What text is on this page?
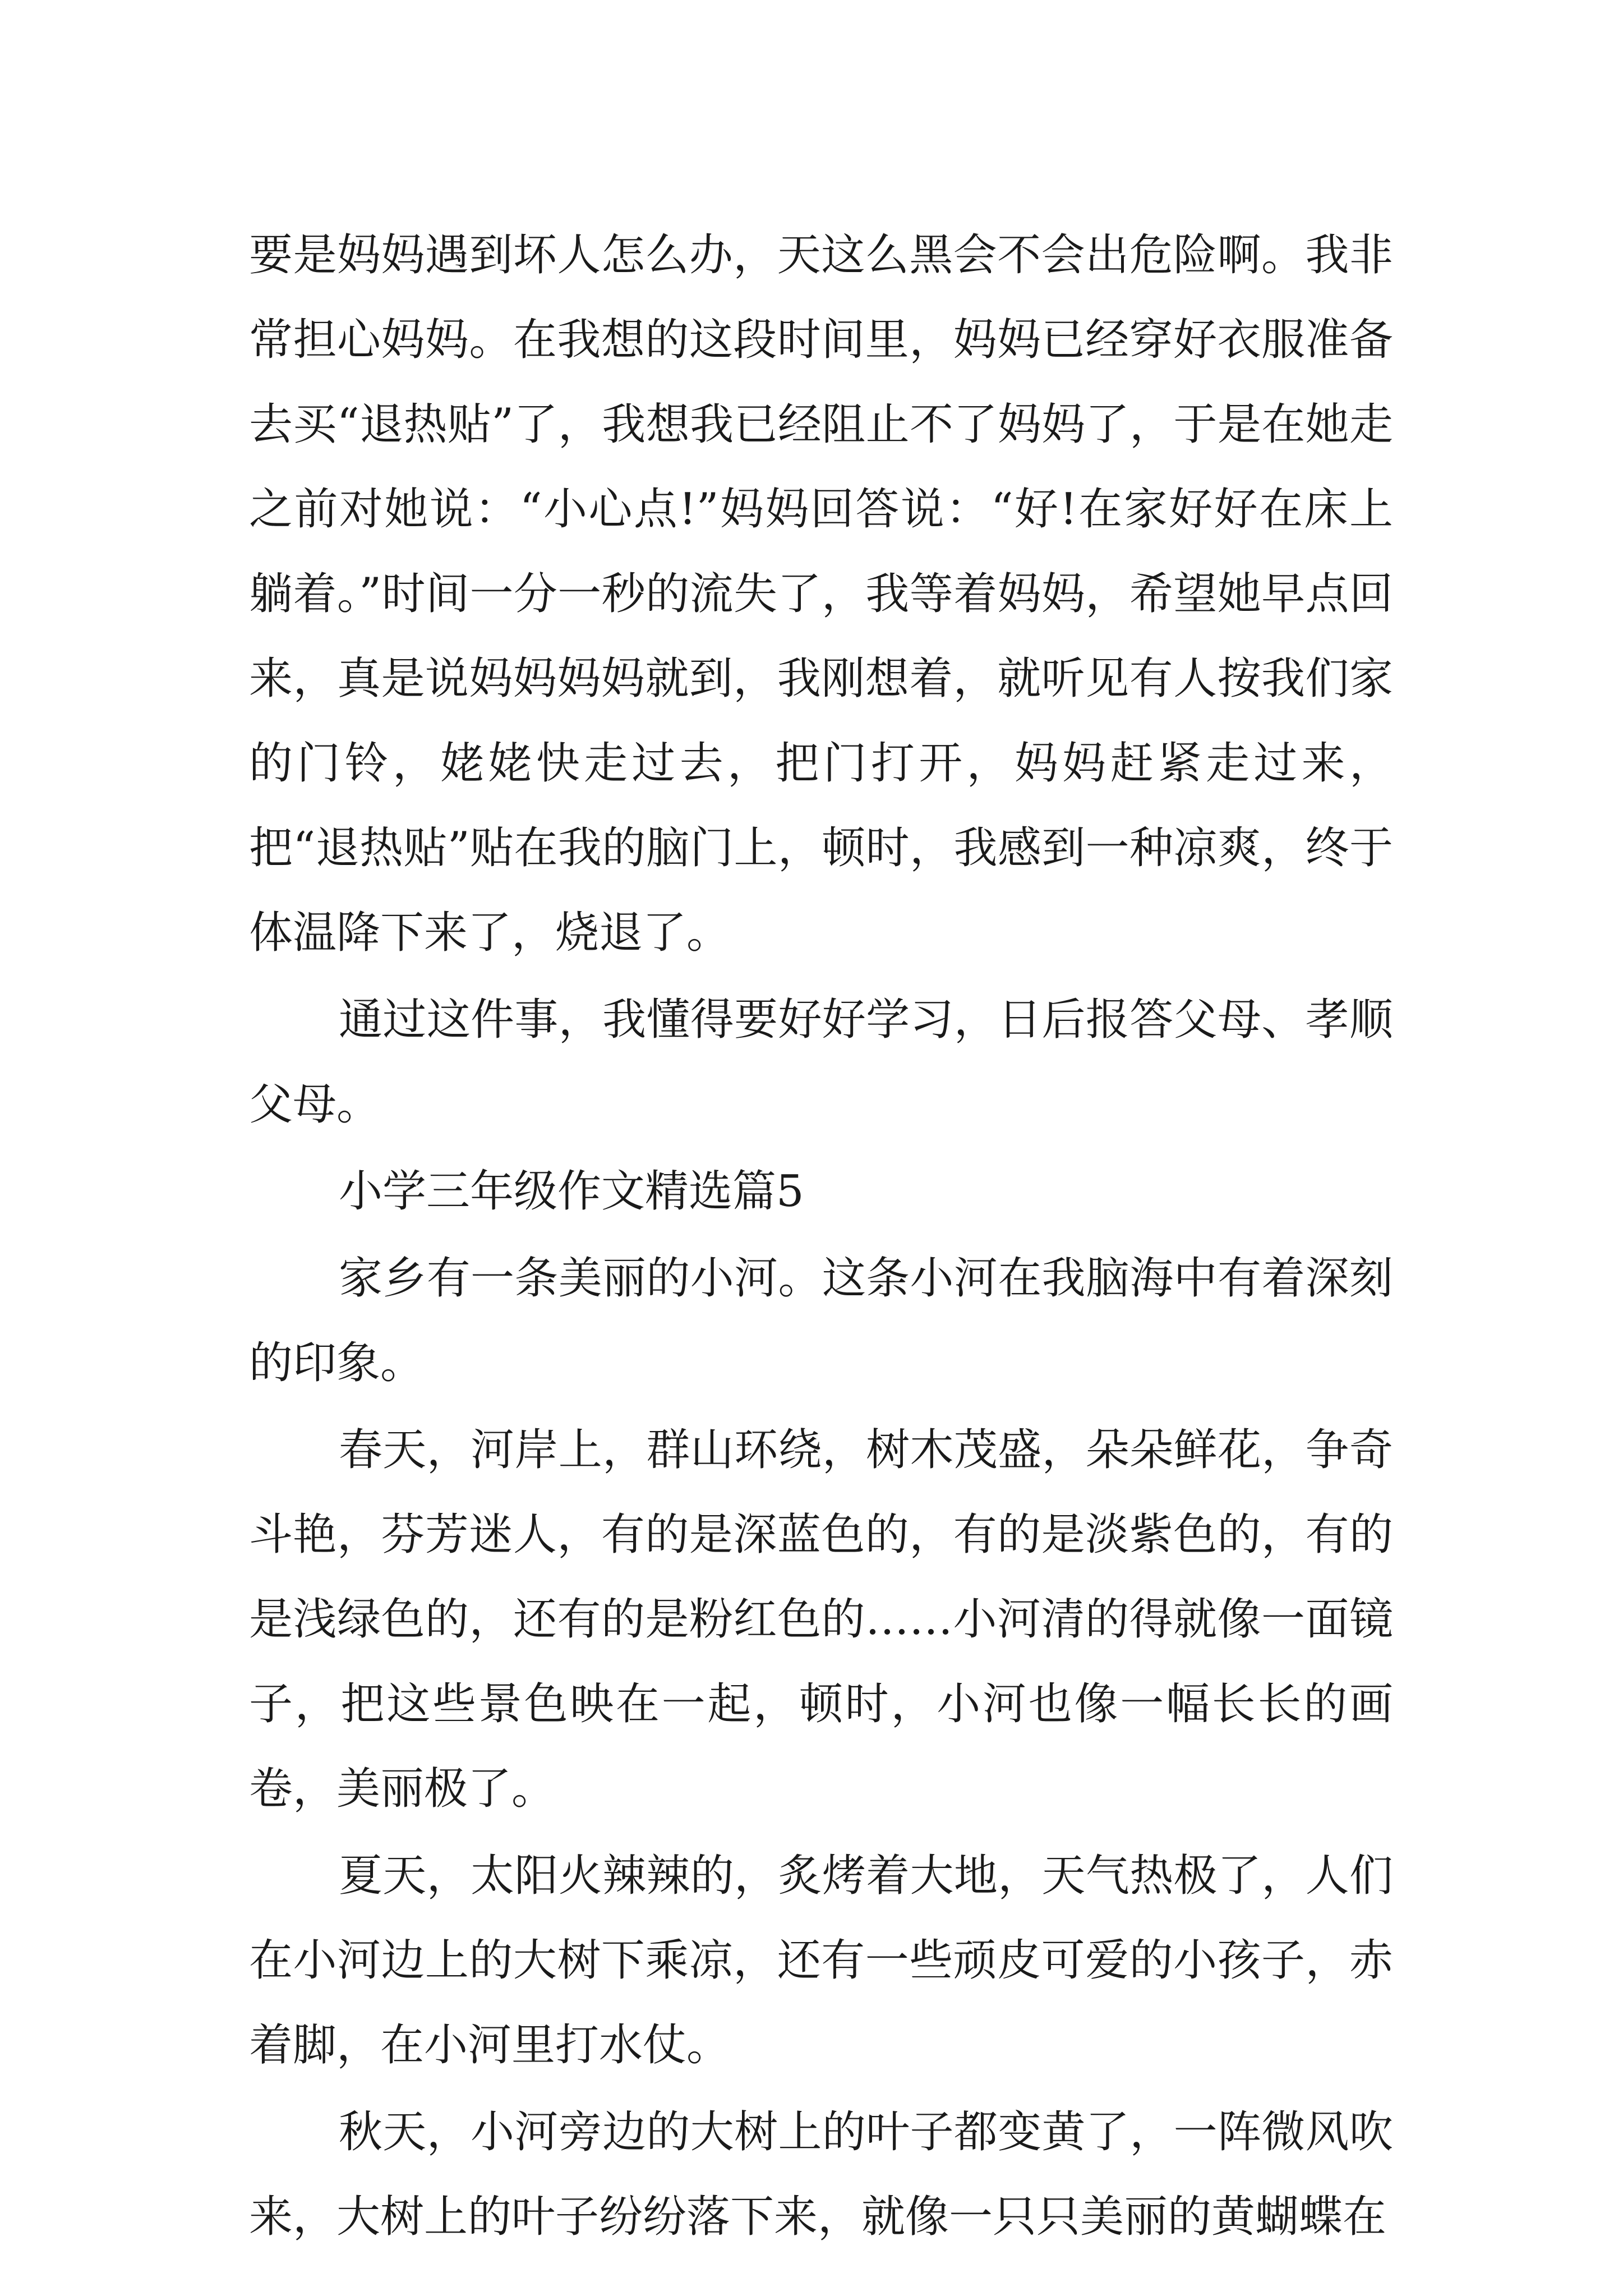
要是妈妈遇到坏人怎么办，天这么黑会不会出危险啊。我非常担心妈妈。在我想的这段时间里，妈妈已经穿好衣服准备去买“退热贴”了，我想我已经阻止不了妈妈了，于是在她走之前对她说：“小心点!”妈妈回答说：“好!在家好好在床上躺着。”时间一分一秒的流失了，我等着妈妈，希望她早点回来，真是说妈妈妈妈就到，我刚想着，就听见有人按我们家的门铃，姥姥快走过去，把门打开，妈妈赶紧走过来，把“退热贴”贴在我的脑门上，顿时，我感到一种凉爽，终于体温降下来了，烧退了。

通过这件事，我懂得要好好学习，日后报答父母、孝顺父母。

小学三年级作文精选篇5

家乡有一条美丽的小河。这条小河在我脑海中有着深刻的印象。

春天，河岸上，群山环绕，树木茂盛，朵朵鲜花，争奇斗艳，芬芳迷人，有的是深蓝色的，有的是淡紫色的，有的是浅绿色的，还有的是粉红色的……小河清的得就像一面镜子，把这些景色映在一起，顿时，小河也像一幅长长的画卷，美丽极了。

夏天，太阳火辣辣的，炙烤着大地，天气热极了，人们在小河边上的大树下乘凉，还有一些顽皮可爱的小孩子，赤着脚，在小河里打水仗。

秋天，小河旁边的大树上的叶子都变黄了，一阵微风吹来，大树上的叶子纷纷落下来，就像一只只美丽的黄蝴蝶在
